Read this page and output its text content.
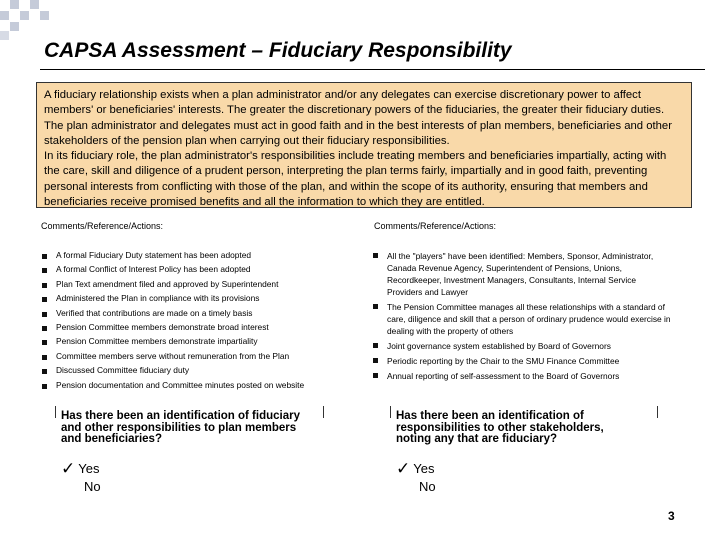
CAPSA Assessment – Fiduciary Responsibility

A fiduciary relationship exists when a plan administrator and/or any delegates can exercise discretionary power to affect members' or beneficiaries' interests. The greater the discretionary powers of the fiduciaries, the greater their fiduciary duties. The plan administrator and delegates must act in good faith and in the best interests of plan members, beneficiaries and other stakeholders of the pension plan when carrying out their fiduciary responsibilities.

In its fiduciary role, the plan administrator's responsibilities include treating members and beneficiaries impartially, acting with the care, skill and diligence of a prudent person, interpreting the plan terms fairly, impartially and in good faith, preventing personal interests from conflicting with those of the plan, and within the scope of its authority, ensuring that members and beneficiaries receive promised benefits and all the information to which they are entitled.

Comments/Reference/Actions:	Comments/Reference/Actions:
A formal Fiduciary Duty statement has been adopted
A formal Conflict of Interest Policy has been adopted
Plan Text amendment filed and approved by Superintendent
Administered the Plan in compliance with its provisions
Verified that contributions are made on a timely basis
Pension Committee members demonstrate broad interest
Pension Committee members demonstrate impartiality
Committee members serve without remuneration from the Plan
Discussed Committee fiduciary duty
Pension documentation and Committee minutes posted on website
All the "players" have been identified: Members, Sponsor, Administrator, Canada Revenue Agency, Superintendent of Pensions, Unions, Recordkeeper, Investment Managers, Consultants, Internal Service Providers and Lawyer
The Pension Committee manages all these relationships with a standard of care, diligence and skill that a person of ordinary prudence would exercise in dealing with the property of others
Joint governance system established by Board of Governors
Periodic reporting by the Chair to the SMU Finance Committee
Annual reporting of self-assessment to the Board of Governors
Has there been an identification of fiduciary and other responsibilities to plan members and beneficiaries?
Has there been an identification of responsibilities to other stakeholders, noting any that are fiduciary?
✓ Yes
No
✓ Yes
No
3
